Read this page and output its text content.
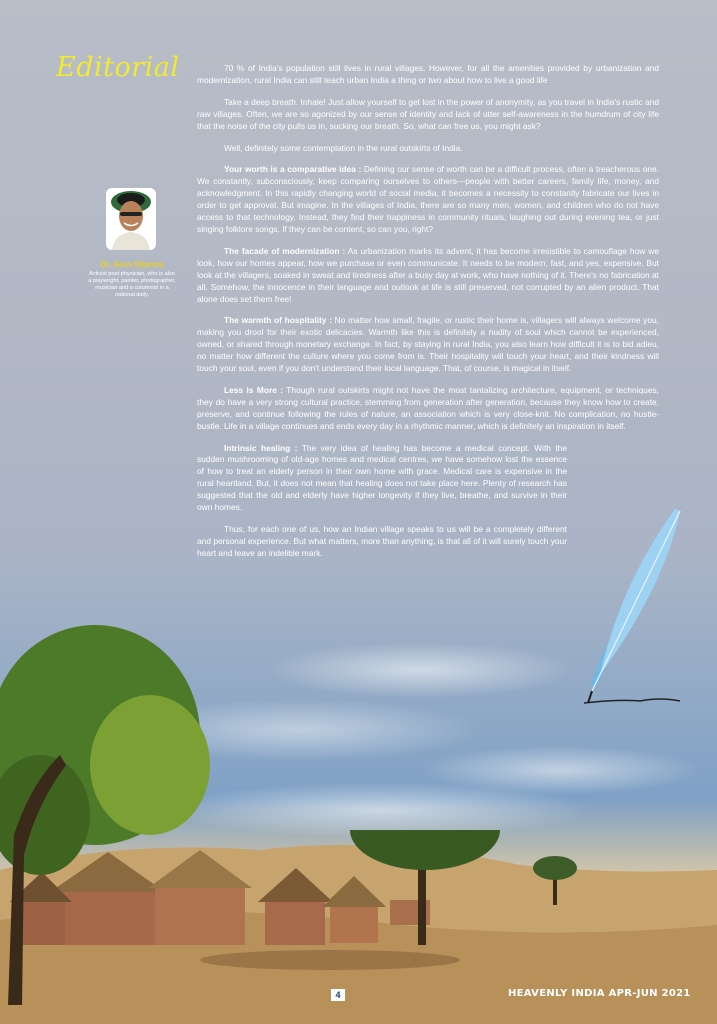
Editorial
Dr. Arun Sharma
Activist poet physician, who is also a playwright, painter, photographer, musician and a columnist in a national daily.

70 % of India's population still lives in rural villages. However, for all the amenities provided by urbanization and modernization, rural India can still teach urban India a thing or two about how to live a good life

Take a deep breath. Inhale! Just allow yourself to get lost in the power of anonymity, as you travel in India's rustic and raw villages. Often, we are so agonized by our sense of identity and lack of utter self-awareness in the humdrum of city life that the noise of the city pulls us in, sucking our breath. So, what can free us, you might ask?

Well, definitely some contemplation in the rural outskirts of India.

Your worth is a comparative idea : Defining our sense of worth can be a difficult process, often a treacherous one. We constantly, subconsciously, keep comparing ourselves to others—people with better careers, family life, money, and acknowledgment. In this rapidly changing world of social media, it becomes a necessity to constantly fabricate our lives in order to get approval. But imagine. In the villages of India, there are so many men, women, and children who do not have access to that technology. Instead, they find their happiness in community rituals, laughing out during evening tea, or just singing folklore songs. If they can be content, so can you, right?

The facade of modernization : As urbanization marks its advent, it has become irresistible to camouflage how we look, how our homes appear, how we purchase or even communicate. It needs to be modern, fast, and yes, expensive. But look at the villagers, soaked in sweat and tiredness after a busy day at work, who have nothing of it. There's no fabrication at all. Somehow, the innocence in their language and outlook at life is still preserved, not corrupted by an alien product. That alone does set them free!

The warmth of hospitality : No matter how small, fragile, or rustic their home is, villagers will always welcome you, making you drool for their exotic delicacies. Warmth like this is definitely a nudity of soul which cannot be experienced, owned, or shared through monetary exchange. In fact, by staying in rural India, you also learn how difficult it is to bid adieu, no matter how different the culture where you come from is. Their hospitality will touch your heart, and their kindness will touch your soul, even if you don't understand their local language. That, of course, is magical in itself.

Less is More : Though rural outskirts might not have the most tantalizing architecture, equipment, or techniques, they do have a very strong cultural practice, stemming from generation after generation, because they know how to create, preserve, and continue following the rules of nature, an association which is very close-knit. No complication, no hustle-bustle. Life in a village continues and ends every day in a rhythmic manner, which is definitely an inspiration in itself.

Intrinsic healing : The very idea of healing has become a medical concept. With the sudden mushrooming of old-age homes and medical centres, we have somehow lost the essence of how to treat an elderly person in their own home with grace. Medical care is expensive in the rural heartland. But, it does not mean that healing does not take place here. Plenty of research has suggested that the old and elderly have higher longevity if they live, breathe, and survive in their own homes.

Thus, for each one of us, how an Indian village speaks to us will be a completely different and personal experience. But what matters, more than anything, is that all of it will surely touch your heart and leave an indelible mark.

4	HEAVENLY INDIA APR-JUN 2021
